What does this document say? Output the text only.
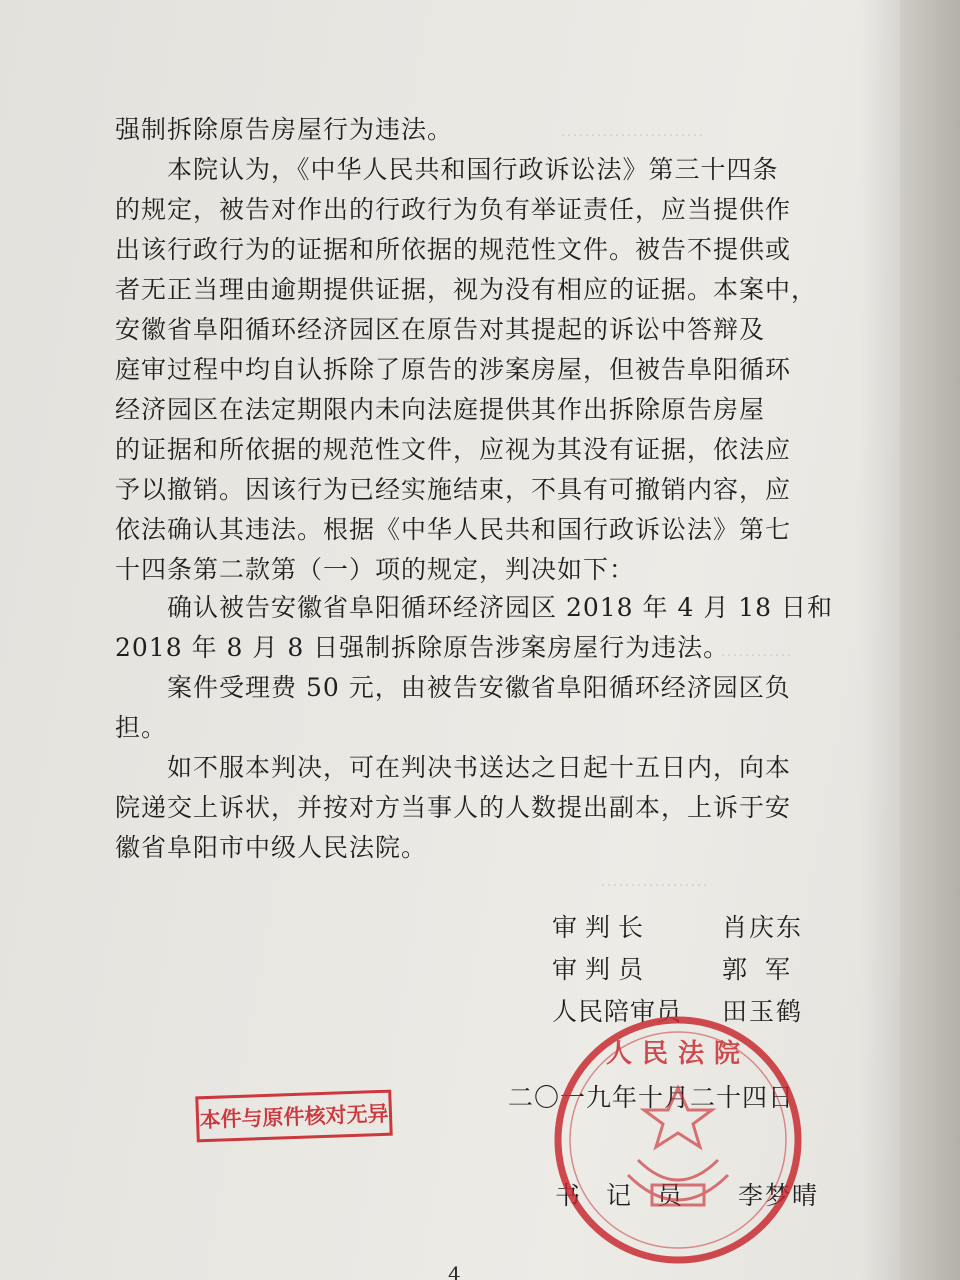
……………………
…………
………………
强制拆除原告房屋行为违法。
　　本院认为，《中华人民共和国行政诉讼法》第三十四条
的规定，被告对作出的行政行为负有举证责任，应当提供作
出该行政行为的证据和所依据的规范性文件。被告不提供或
者无正当理由逾期提供证据，视为没有相应的证据。本案中，
安徽省阜阳循环经济园区在原告对其提起的诉讼中答辩及
庭审过程中均自认拆除了原告的涉案房屋，但被告阜阳循环
经济园区在法定期限内未向法庭提供其作出拆除原告房屋
的证据和所依据的规范性文件，应视为其没有证据，依法应
予以撤销。因该行为已经实施结束，不具有可撤销内容，应
依法确认其违法。根据《中华人民共和国行政诉讼法》第七
十四条第二款第（一）项的规定，判决如下：
　　确认被告安徽省阜阳循环经济园区 2018 年 4 月 18 日和
2018 年 8 月 8 日强制拆除原告涉案房屋行为违法。
　　案件受理费 50 元，由被告安徽省阜阳循环经济园区负
担。
　　如不服本判决，可在判决书送达之日起十五日内，向本
院递交上诉状，并按对方当事人的人数提出副本，上诉于安
徽省阜阳市中级人民法院。
审判长	肖庆东
审判员	郭军
人民陪审员 田玉鹤
二〇一九年十月二十四日
本件与原件核对无异
书记员 李梦晴
人民法院
4
